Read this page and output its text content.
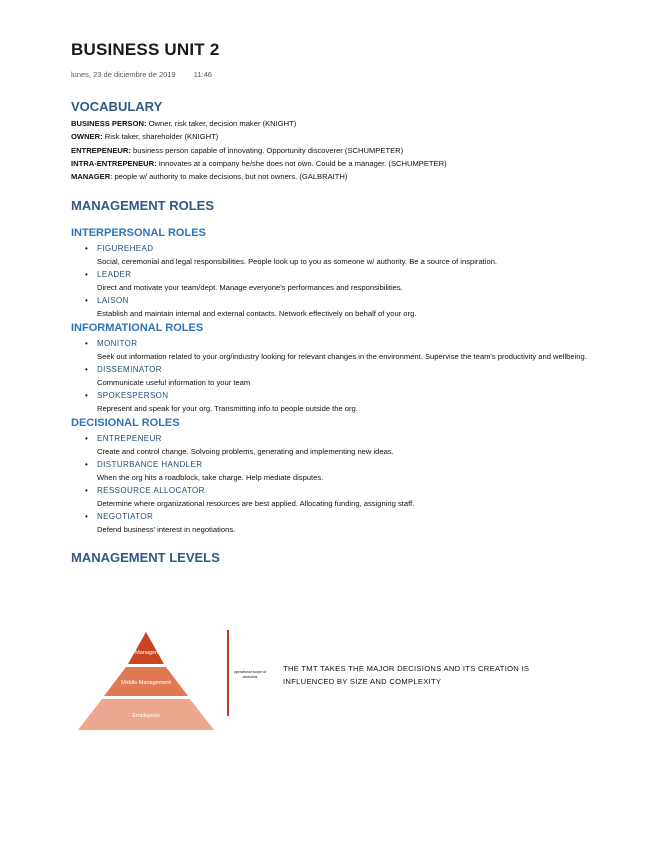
BUSINESS UNIT 2
lunes, 23 de diciembre de 2019 11:46
VOCABULARY
BUSINESS PERSON: Owner, risk taker, decision maker (KNIGHT)
OWNER: Risk taker, shareholder (KNIGHT)
ENTREPENEUR: business person capable of innovating. Opportunity discoverer (SCHUMPETER)
INTRA-ENTREPENEUR: Innovates at a company he/she does not own. Could be a manager. (SCHUMPETER)
MANAGER: people w/ authority to make decisions, but not owners. (GALBRAITH)
MANAGEMENT ROLES
INTERPERSONAL ROLES
• FIGUREHEAD
Social, ceremonial and legal responsibilities. People look up to you as someone w/ authority. Be a source of inspiration.
• LEADER
Direct and motivate your team/dept. Manage everyone's performances and responsibilities.
• LAISON
Establish and maintain internal and external contacts. Network effectively on behalf of your org.
INFORMATIONAL ROLES
• MONITOR
Seek out information related to your org/industry looking for relevant changes in the environment. Supervise the team's productivity and wellbeing.
• DISSEMINATOR
Communicate useful information to your team
• SPOKESPERSON
Represent and speak for your org. Transmitting info to people outside the org.
DECISIONAL ROLES
• ENTREPENEUR
Create and control change. Solvoing problems, generating and implementing new ideas.
• DISTURBANCE HANDLER
When the org hits a roadblock, take charge. Help mediate disputes.
• RESSOURCE ALLOCATOR
Determine where organizational resources are best applied. Allocating funding, assigning staff.
• NEGOTIATOR
Defend business' interest in negotiations.
MANAGEMENT LEVELS
Top Management
Middle Management
Employees
operational scope of decisions
THE TMT TAKES THE MAJOR DECISIONS AND ITS CREATION IS INFLUENCED BY SIZE AND COMPLEXITY
